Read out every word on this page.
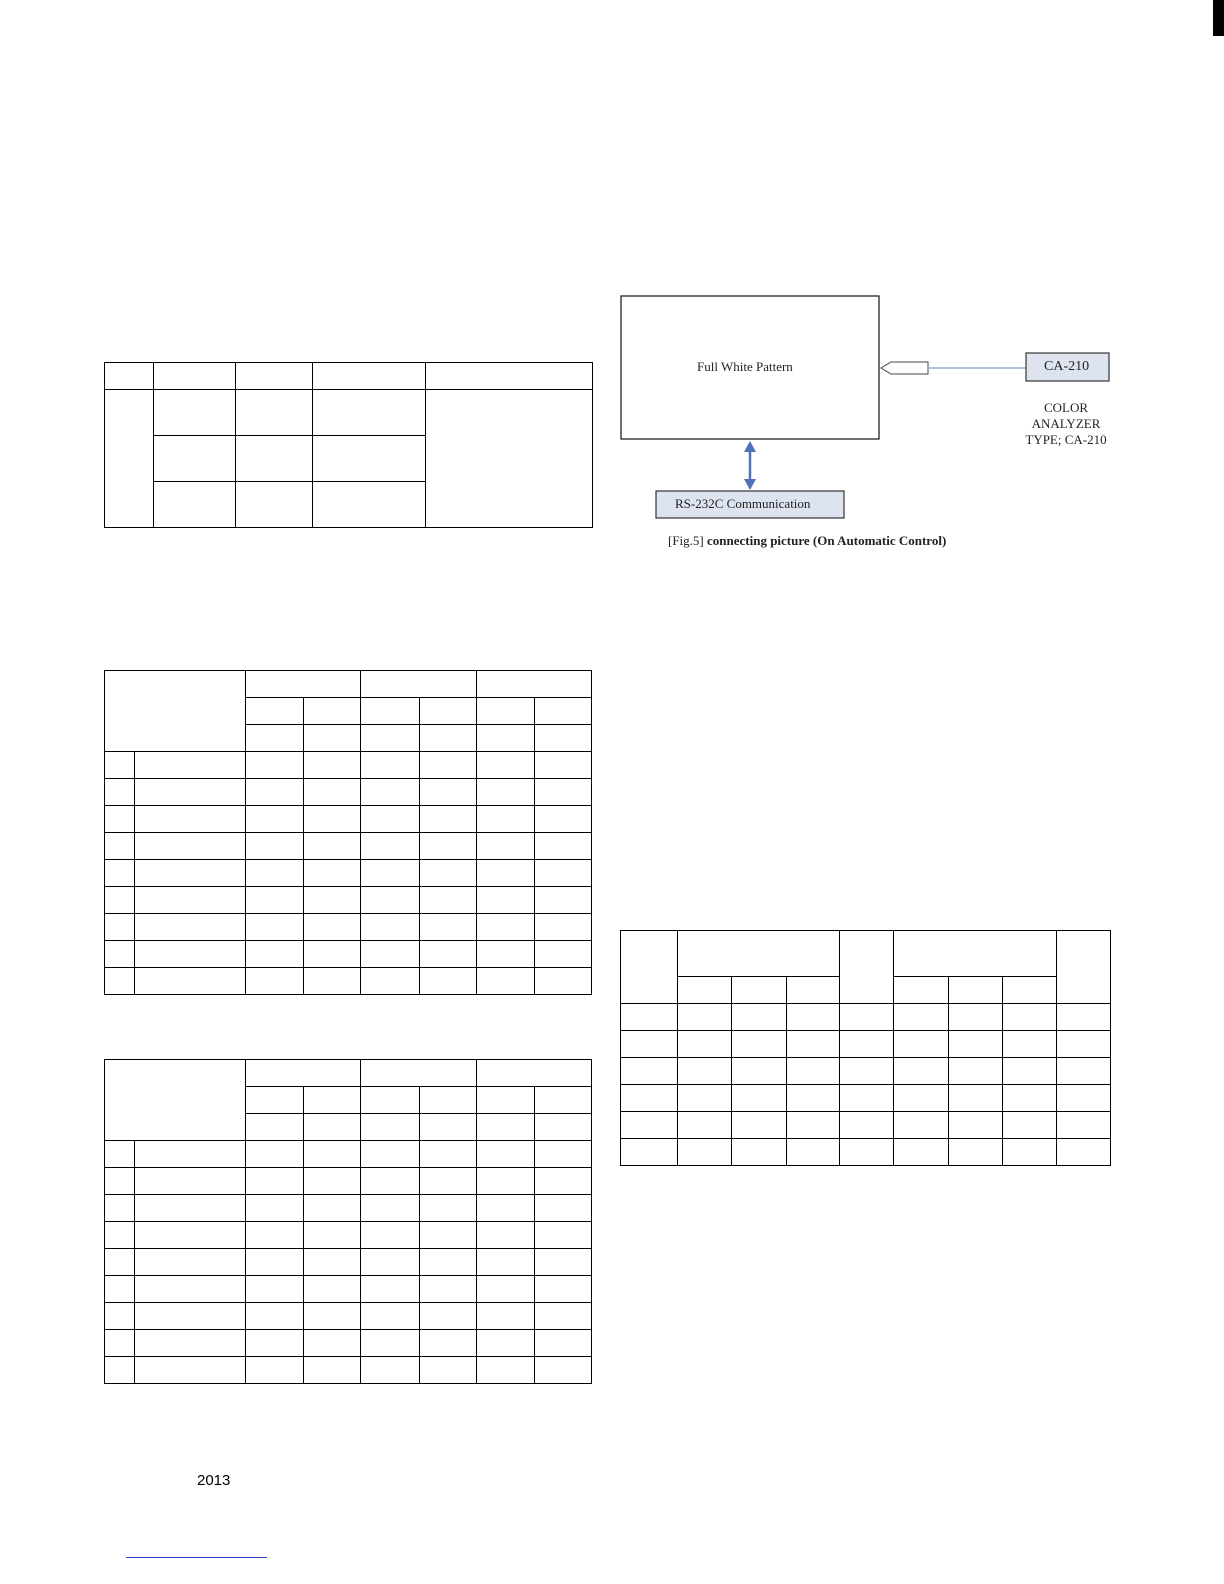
Full White Pattern	CA-210
COLOR
ANALYZER
TYPE; CA-210
RS-232C Communication
[Fig.5] connecting picture (On Automatic Control)

2013
